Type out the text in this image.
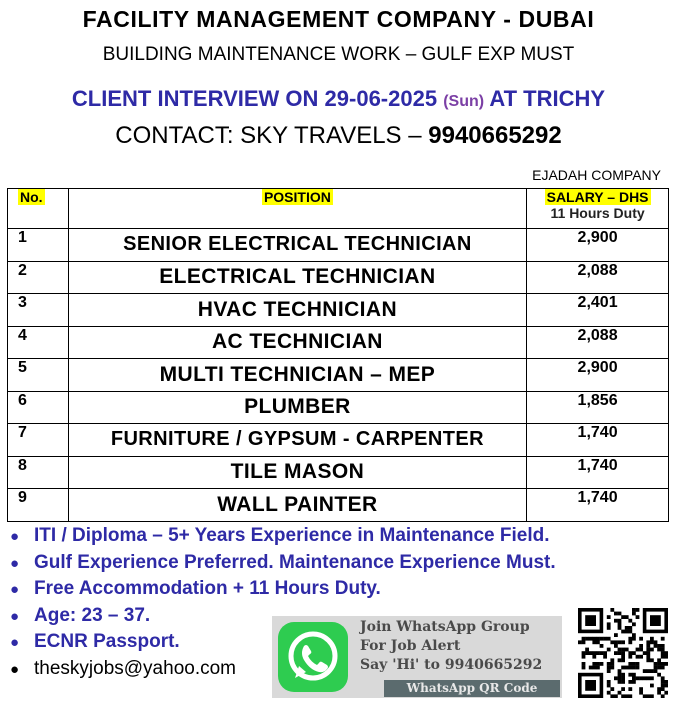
FACILITY MANAGEMENT COMPANY - DUBAI
BUILDING MAINTENANCE WORK – GULF EXP MUST
CLIENT INTERVIEW ON 29-06-2025 (Sun) AT TRICHY
CONTACT: SKY TRAVELS – 9940665292
EJADAH COMPANY
No.	POSITION	SALARY – DHS
11 Hours Duty

1	SENIOR ELECTRICAL TECHNICIAN	2,900
2	ELECTRICAL TECHNICIAN	2,088
3	HVAC TECHNICIAN	2,401
4	AC TECHNICIAN	2,088
5	MULTI TECHNICIAN – MEP	2,900
6	PLUMBER	1,856
7	FURNITURE / GYPSUM - CARPENTER	1,740
8	TILE MASON	1,740
9	WALL PAINTER	1,740
● ITI / Diploma – 5+ Years Experience in Maintenance Field.
● Gulf Experience Preferred. Maintenance Experience Must.
● Free Accommodation + 11 Hours Duty.
● Age: 23 – 37.
● ECNR Passport.
● theskyjobs@yahoo.com
Join WhatsApp Group
For Job Alert
Say 'Hi' to 9940665292
WhatsApp QR Code
